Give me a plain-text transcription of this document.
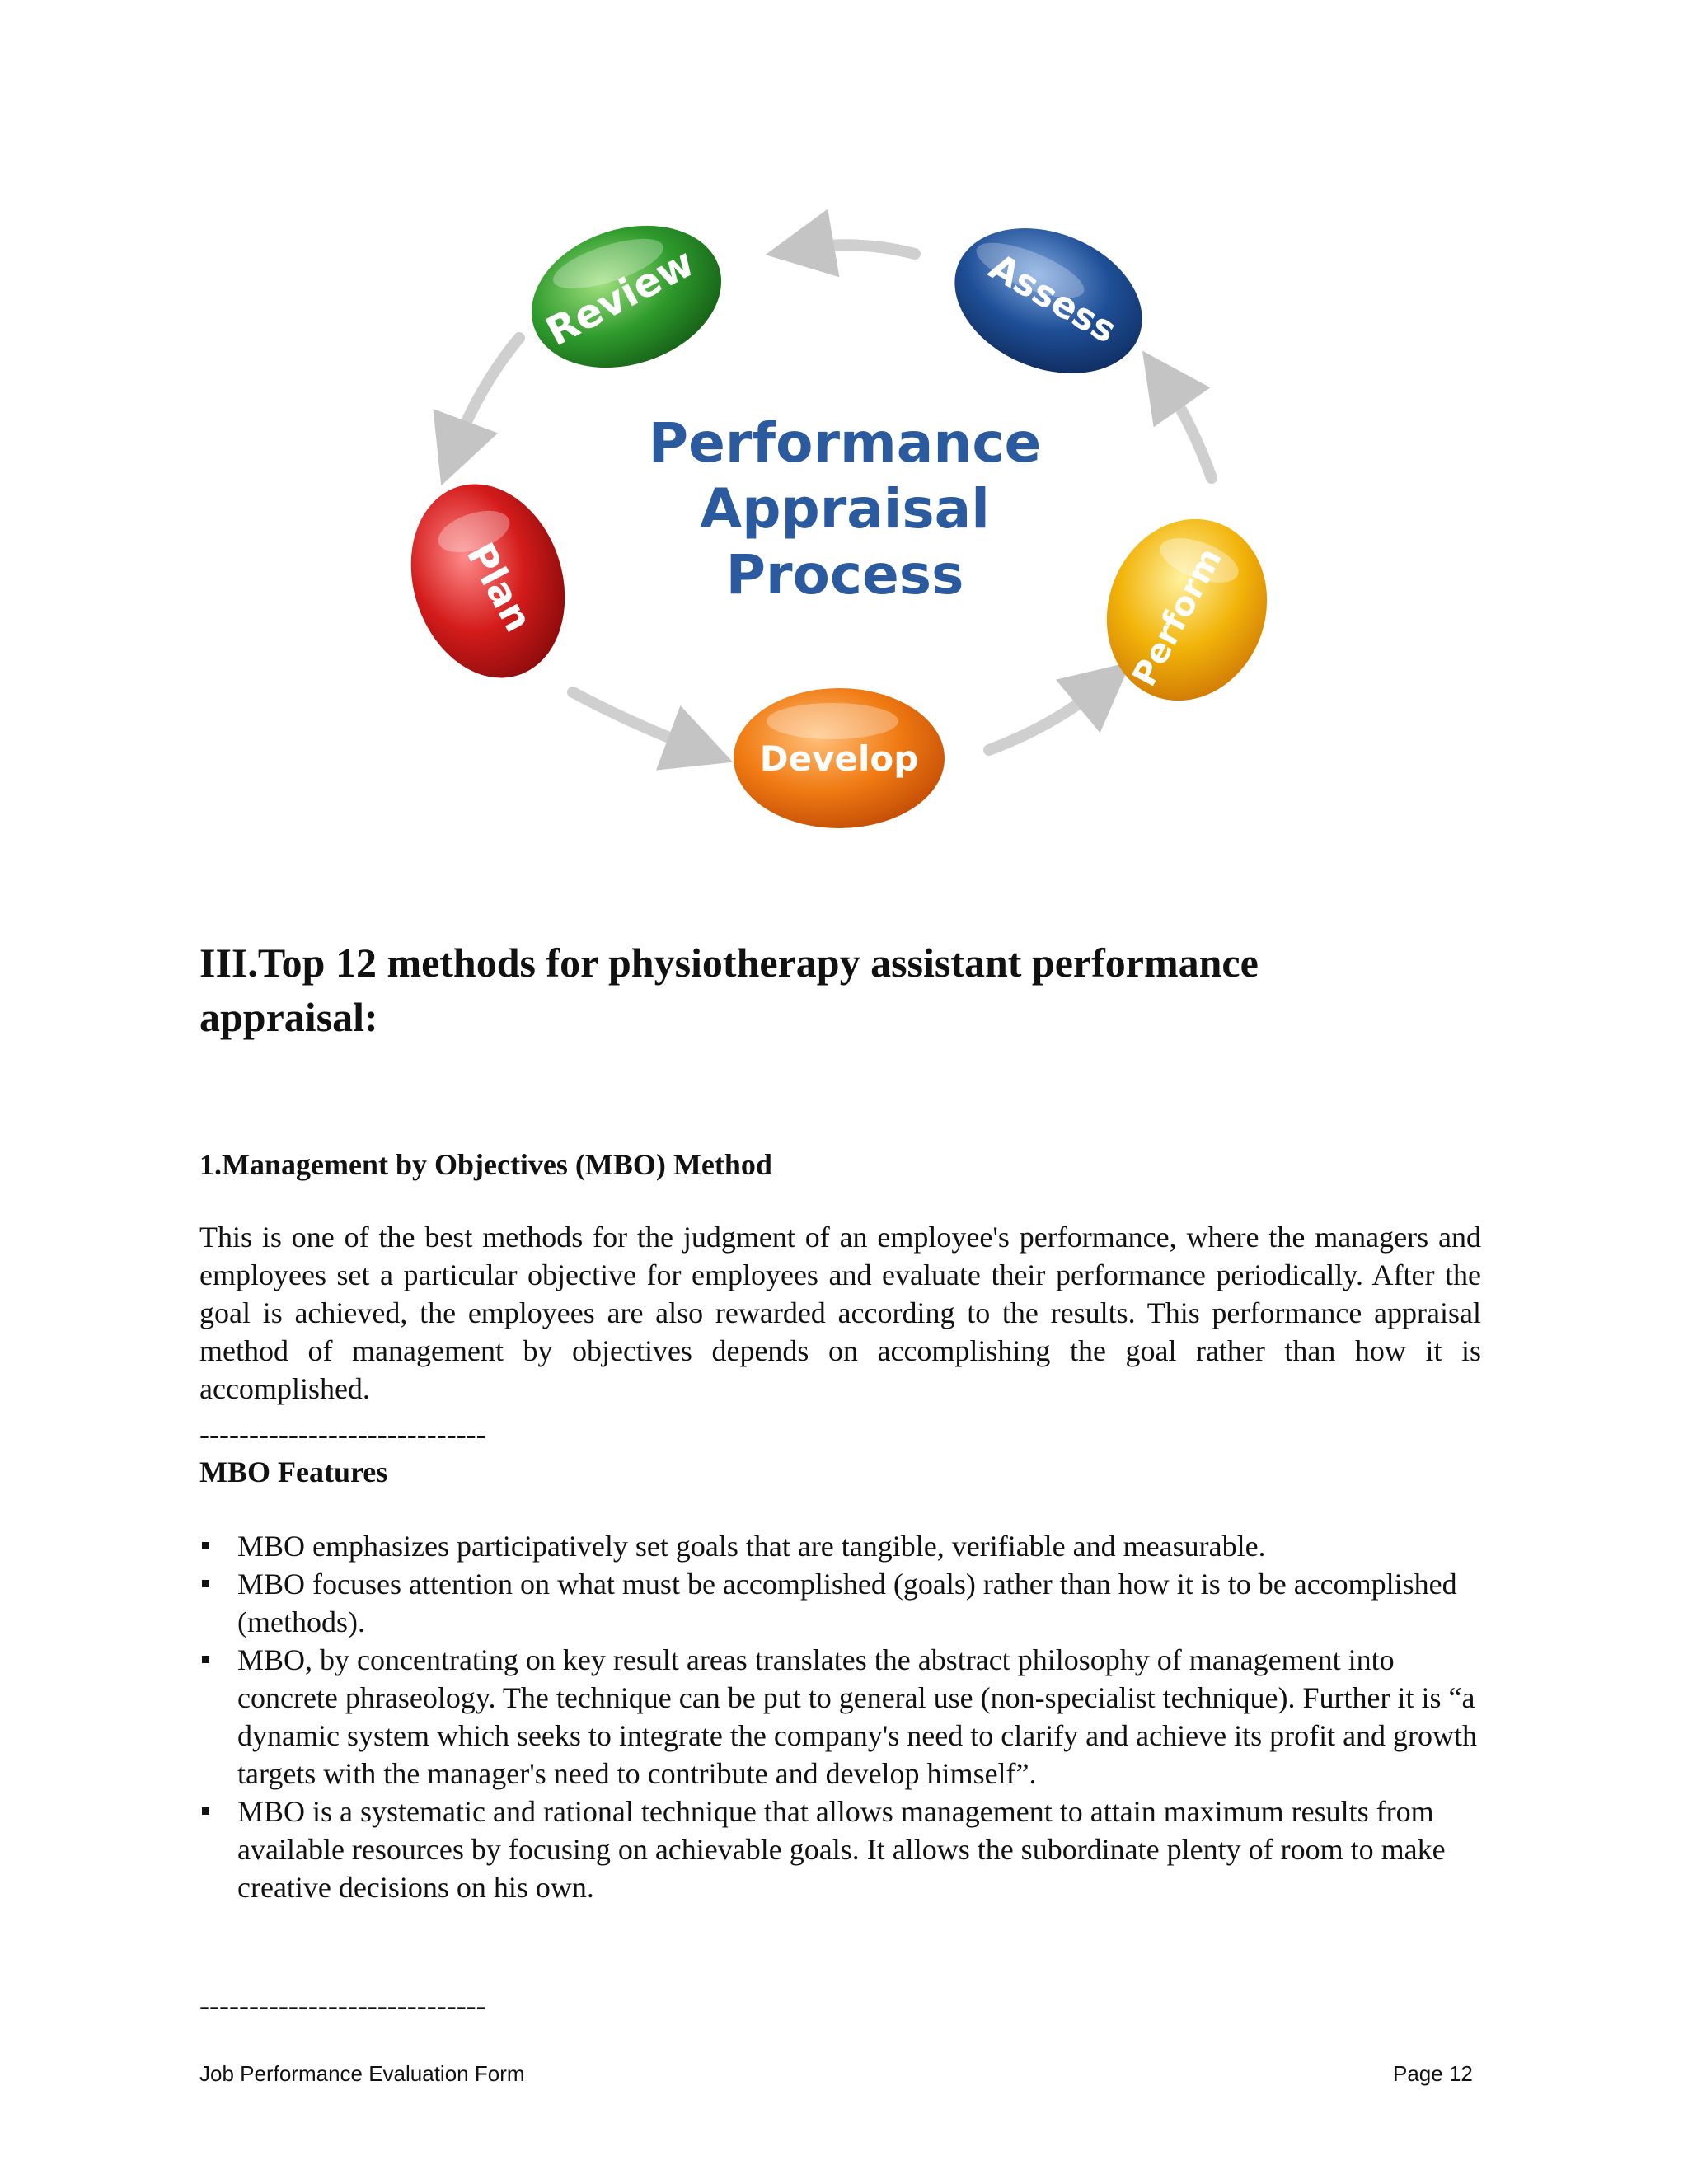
Review	Assess
Perform
Develop
Plan
Performance
Appraisal
Process
III.Top 12 methods for physiotherapy assistant performance
appraisal:
1.Management by Objectives (MBO) Method

This is one of the best methods for the judgment of an employee's performance, where the managers and employees set a particular objective for employees and evaluate their performance periodically. After the goal is achieved, the employees are also rewarded according to the results. This performance appraisal method of management by objectives depends on accomplishing the goal rather than how it is accomplished.

-----------------------------

MBO Features

MBO emphasizes participatively set goals that are tangible, verifiable and measurable.
MBO focuses attention on what must be accomplished (goals) rather than how it is to be accomplished (methods).
MBO, by concentrating on key result areas translates the abstract philosophy of management into concrete phraseology. The technique can be put to general use (non-specialist technique). Further it is “a dynamic system which seeks to integrate the company's need to clarify and achieve its profit and growth targets with the manager's need to contribute and develop himself”.
MBO is a systematic and rational technique that allows management to attain maximum results from available resources by focusing on achievable goals. It allows the subordinate plenty of room to make creative decisions on his own.

-----------------------------

Job Performance Evaluation Form	Page 12
